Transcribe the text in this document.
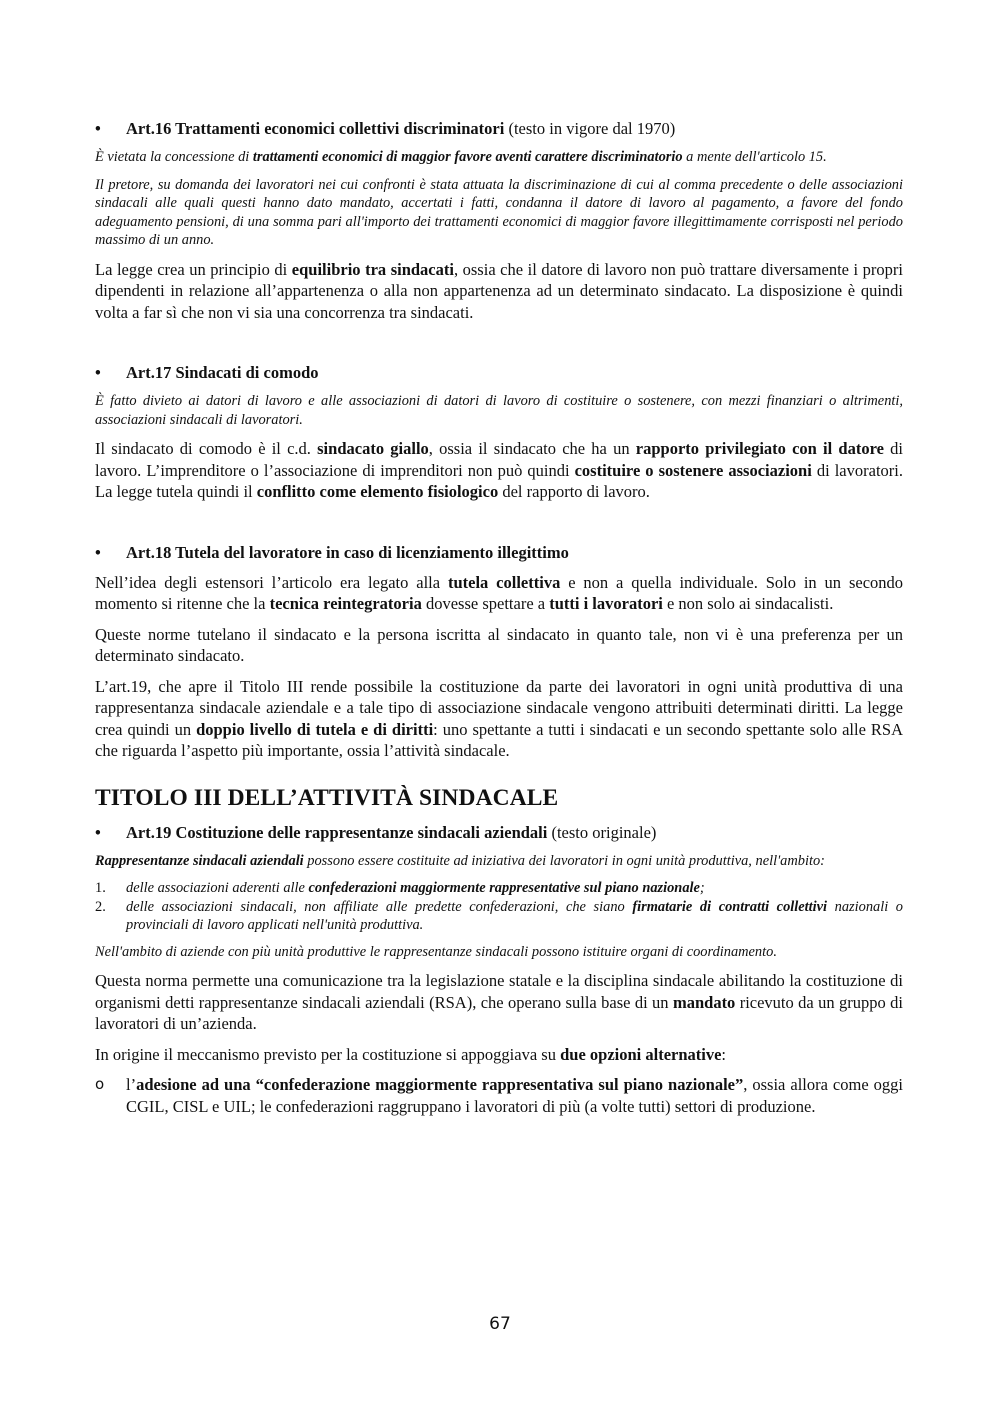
• Art.16 Trattamenti economici collettivi discriminatori (testo in vigore dal 1970)

È vietata la concessione di trattamenti economici di maggior favore aventi carattere discriminatorio a mente dell'articolo 15.

Il pretore, su domanda dei lavoratori nei cui confronti è stata attuata la discriminazione di cui al comma precedente o delle associazioni sindacali alle quali questi hanno dato mandato, accertati i fatti, condanna il datore di lavoro al pagamento, a favore del fondo adeguamento pensioni, di una somma pari all'importo dei trattamenti economici di maggior favore illegittimamente corrisposti nel periodo massimo di un anno.

La legge crea un principio di equilibrio tra sindacati, ossia che il datore di lavoro non può trattare diversamente i propri dipendenti in relazione all’appartenenza o alla non appartenenza ad un determinato sindacato. La disposizione è quindi volta a far sì che non vi sia una concorrenza tra sindacati.

• Art.17 Sindacati di comodo

È fatto divieto ai datori di lavoro e alle associazioni di datori di lavoro di costituire o sostenere, con mezzi finanziari o altrimenti, associazioni sindacali di lavoratori.

Il sindacato di comodo è il c.d. sindacato giallo, ossia il sindacato che ha un rapporto privilegiato con il datore di lavoro. L’imprenditore o l’associazione di imprenditori non può quindi costituire o sostenere associazioni di lavoratori. La legge tutela quindi il conflitto come elemento fisiologico del rapporto di lavoro.

• Art.18 Tutela del lavoratore in caso di licenziamento illegittimo

Nell’idea degli estensori l’articolo era legato alla tutela collettiva e non a quella individuale. Solo in un secondo momento si ritenne che la tecnica reintegratoria dovesse spettare a tutti i lavoratori e non solo ai sindacalisti.

Queste norme tutelano il sindacato e la persona iscritta al sindacato in quanto tale, non vi è una preferenza per un determinato sindacato.

L’art.19, che apre il Titolo III rende possibile la costituzione da parte dei lavoratori in ogni unità produttiva di una rappresentanza sindacale aziendale e a tale tipo di associazione sindacale vengono attribuiti determinati diritti. La legge crea quindi un doppio livello di tutela e di diritti: uno spettante a tutti i sindacati e un secondo spettante solo alle RSA che riguarda l’aspetto più importante, ossia l’attività sindacale.

TITOLO III DELL’ATTIVITÀ SINDACALE
• Art.19 Costituzione delle rappresentanze sindacali aziendali (testo originale)

Rappresentanze sindacali aziendali possono essere costituite ad iniziativa dei lavoratori in ogni unità produttiva, nell'ambito:

1. delle associazioni aderenti alle confederazioni maggiormente rappresentative sul piano nazionale;
2. delle associazioni sindacali, non affiliate alle predette confederazioni, che siano firmatarie di contratti collettivi nazionali o provinciali di lavoro applicati nell'unità produttiva.

Nell'ambito di aziende con più unità produttive le rappresentanze sindacali possono istituire organi di coordinamento.

Questa norma permette una comunicazione tra la legislazione statale e la disciplina sindacale abilitando la costituzione di organismi detti rappresentanze sindacali aziendali (RSA), che operano sulla base di un mandato ricevuto da un gruppo di lavoratori di un’azienda.

In origine il meccanismo previsto per la costituzione si appoggiava su due opzioni alternative:

o l’adesione ad una “confederazione maggiormente rappresentativa sul piano nazionale”, ossia allora come oggi CGIL, CISL e UIL; le confederazioni raggruppano i lavoratori di più (a volte tutti) settori di produzione.

67
